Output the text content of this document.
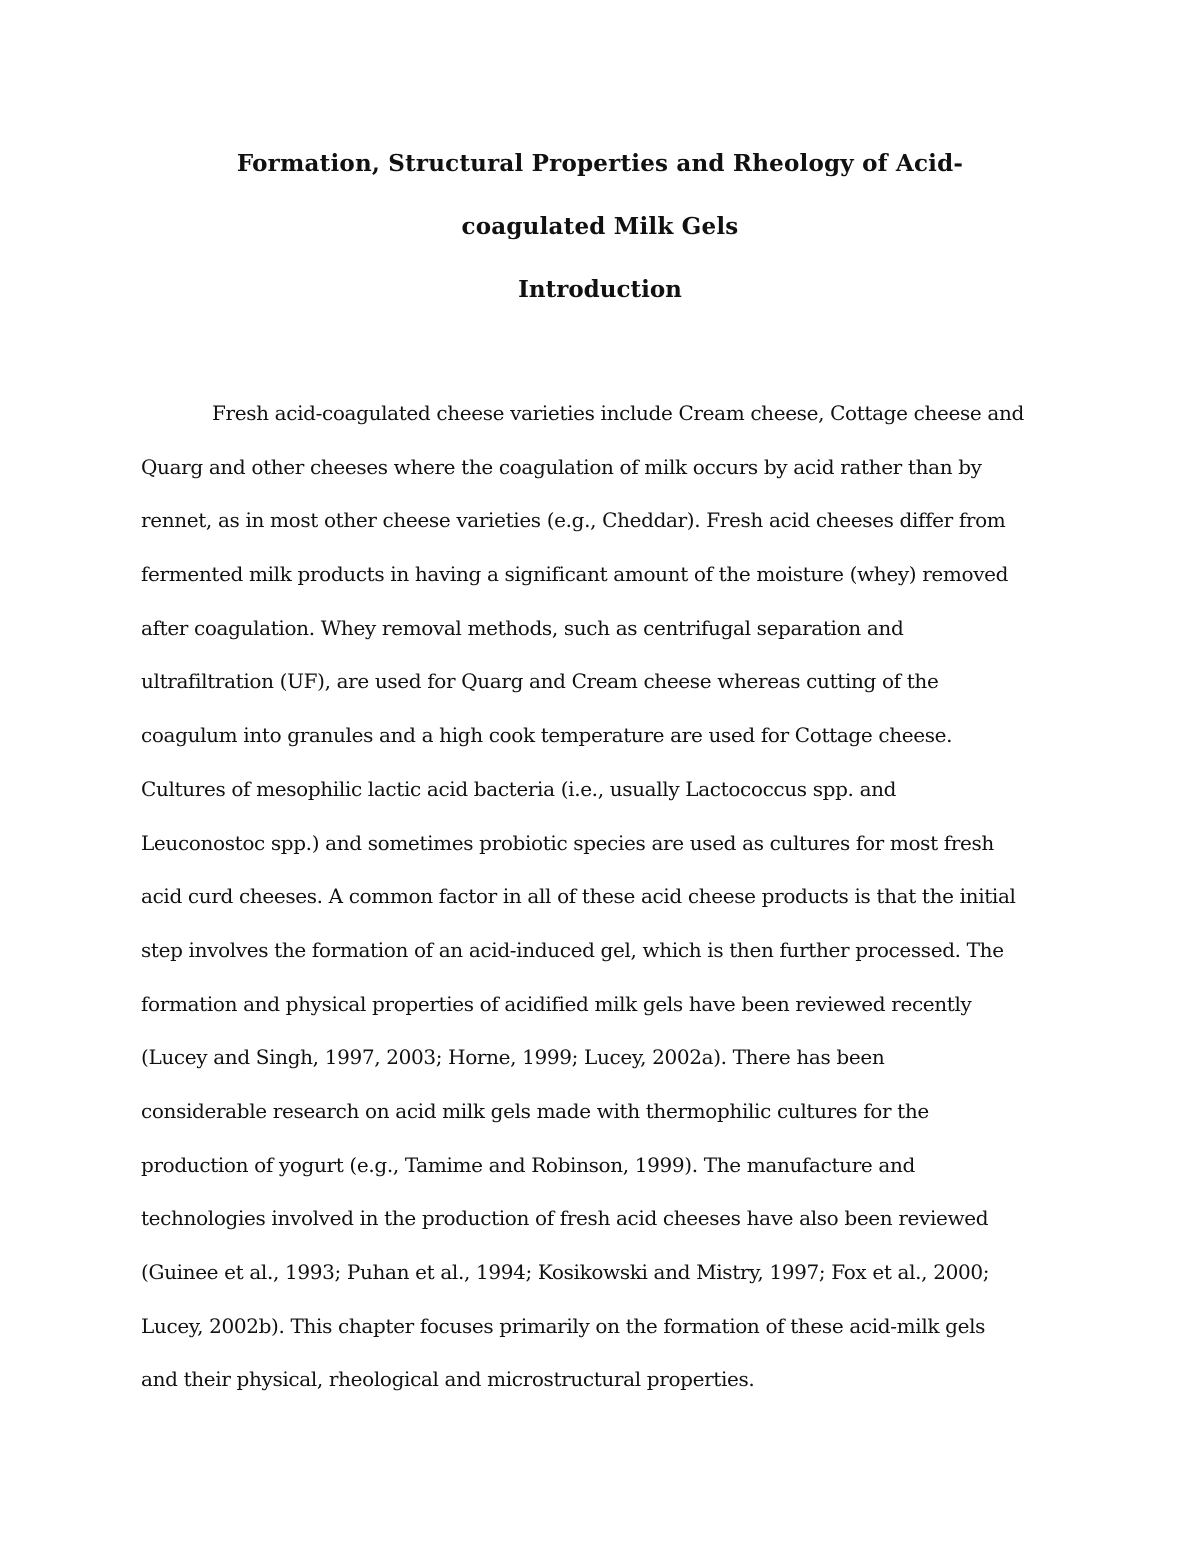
Formation, Structural Properties and Rheology of Acid-
coagulated Milk Gels
Introduction
Fresh acid-coagulated cheese varieties include Cream cheese, Cottage cheese and
Quarg and other cheeses where the coagulation of milk occurs by acid rather than by
rennet, as in most other cheese varieties (e.g., Cheddar). Fresh acid cheeses differ from
fermented milk products in having a significant amount of the moisture (whey) removed
after coagulation. Whey removal methods, such as centrifugal separation and
ultrafiltration (UF), are used for Quarg and Cream cheese whereas cutting of the
coagulum into granules and a high cook temperature are used for Cottage cheese.
Cultures of mesophilic lactic acid bacteria (i.e., usually Lactococcus spp. and
Leuconostoc spp.) and sometimes probiotic species are used as cultures for most fresh
acid curd cheeses. A common factor in all of these acid cheese products is that the initial
step involves the formation of an acid-induced gel, which is then further processed. The
formation and physical properties of acidified milk gels have been reviewed recently
(Lucey and Singh, 1997, 2003; Horne, 1999; Lucey, 2002a). There has been
considerable research on acid milk gels made with thermophilic cultures for the
production of yogurt (e.g., Tamime and Robinson, 1999). The manufacture and
technologies involved in the production of fresh acid cheeses have also been reviewed
(Guinee et al., 1993; Puhan et al., 1994; Kosikowski and Mistry, 1997; Fox et al., 2000;
Lucey, 2002b). This chapter focuses primarily on the formation of these acid-milk gels
and their physical, rheological and microstructural properties.
